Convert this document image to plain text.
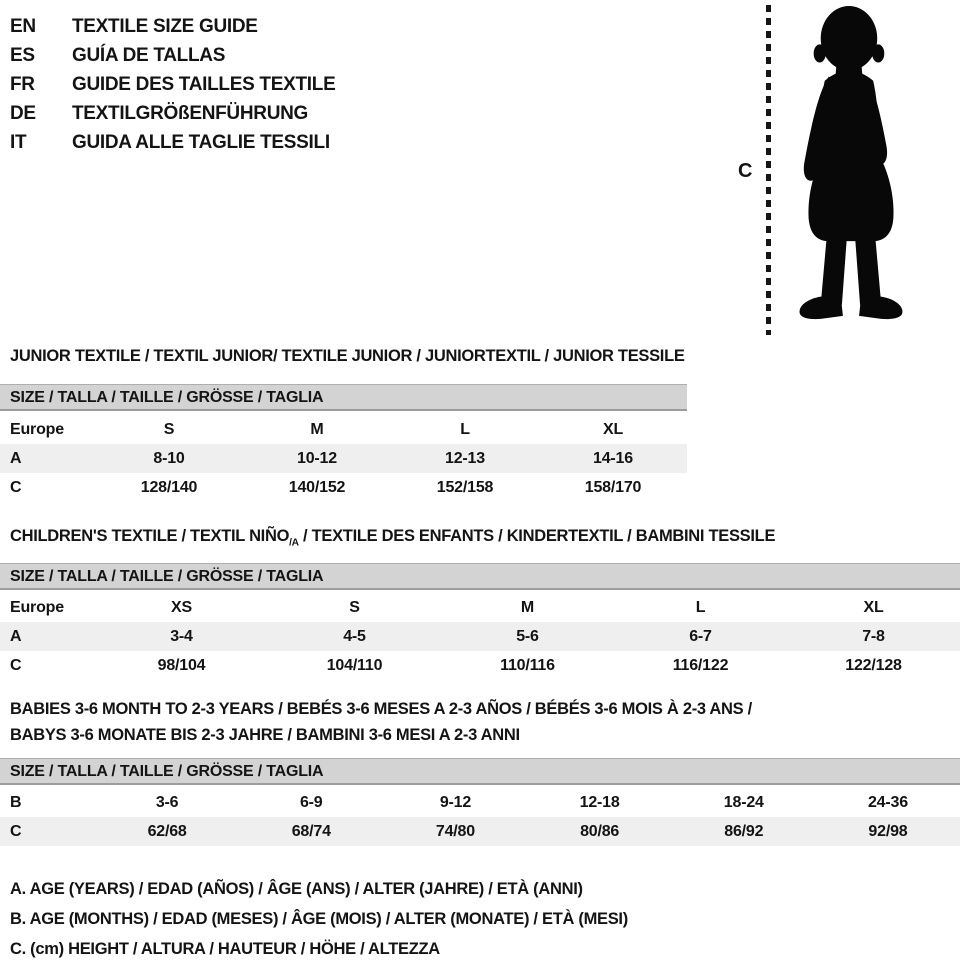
EN	TEXTILE SIZE GUIDE
ES	GUÍA DE TALLAS
FR	GUIDE DES TAILLES TEXTILE
DE	TEXTILGRÖßENFÜHRUNG
IT	GUIDA ALLE TAGLIE TESSILI
C
JUNIOR TEXTILE / TEXTIL JUNIOR/ TEXTILE JUNIOR / JUNIORTEXTIL / JUNIOR TESSILE
SIZE / TALLA / TAILLE / GRÖSSE / TAGLIA
Europe	S	M	L	XL
A	8-10	10-12	12-13	14-16
C	128/140	140/152	152/158	158/170
CHILDREN'S TEXTILE / TEXTIL $NIÑO_{/A}$ / TEXTILE DES ENFANTS / KINDERTEXTIL / BAMBINI TESSILE
SIZE / TALLA / TAILLE / GRÖSSE / TAGLIA
Europe	XS	S	M	L	XL
A	3-4	4-5	5-6	6-7	7-8
C	98/104	104/110	110/116	116/122	122/128
BABIES 3-6 MONTH TO 2-3 YEARS / BEBÉS 3-6 MESES A 2-3 AÑOS / BÉBÉS 3-6 MOIS À 2-3 ANS /
BABYS 3-6 MONATE BIS 2-3 JAHRE / BAMBINI 3-6 MESI A 2-3 ANNI
SIZE / TALLA / TAILLE / GRÖSSE / TAGLIA
B	3-6	6-9	9-12	12-18	18-24	24-36
C	62/68	68/74	74/80	80/86	86/92	92/98
A. AGE (YEARS) / EDAD (AÑOS) / ÂGE (ANS) / ALTER (JAHRE) / ETÀ (ANNI)
B. AGE (MONTHS) / EDAD (MESES) / ÂGE (MOIS) / ALTER (MONATE) / ETÀ (MESI)
C. (cm) HEIGHT / ALTURA / HAUTEUR / HÖHE / ALTEZZA
